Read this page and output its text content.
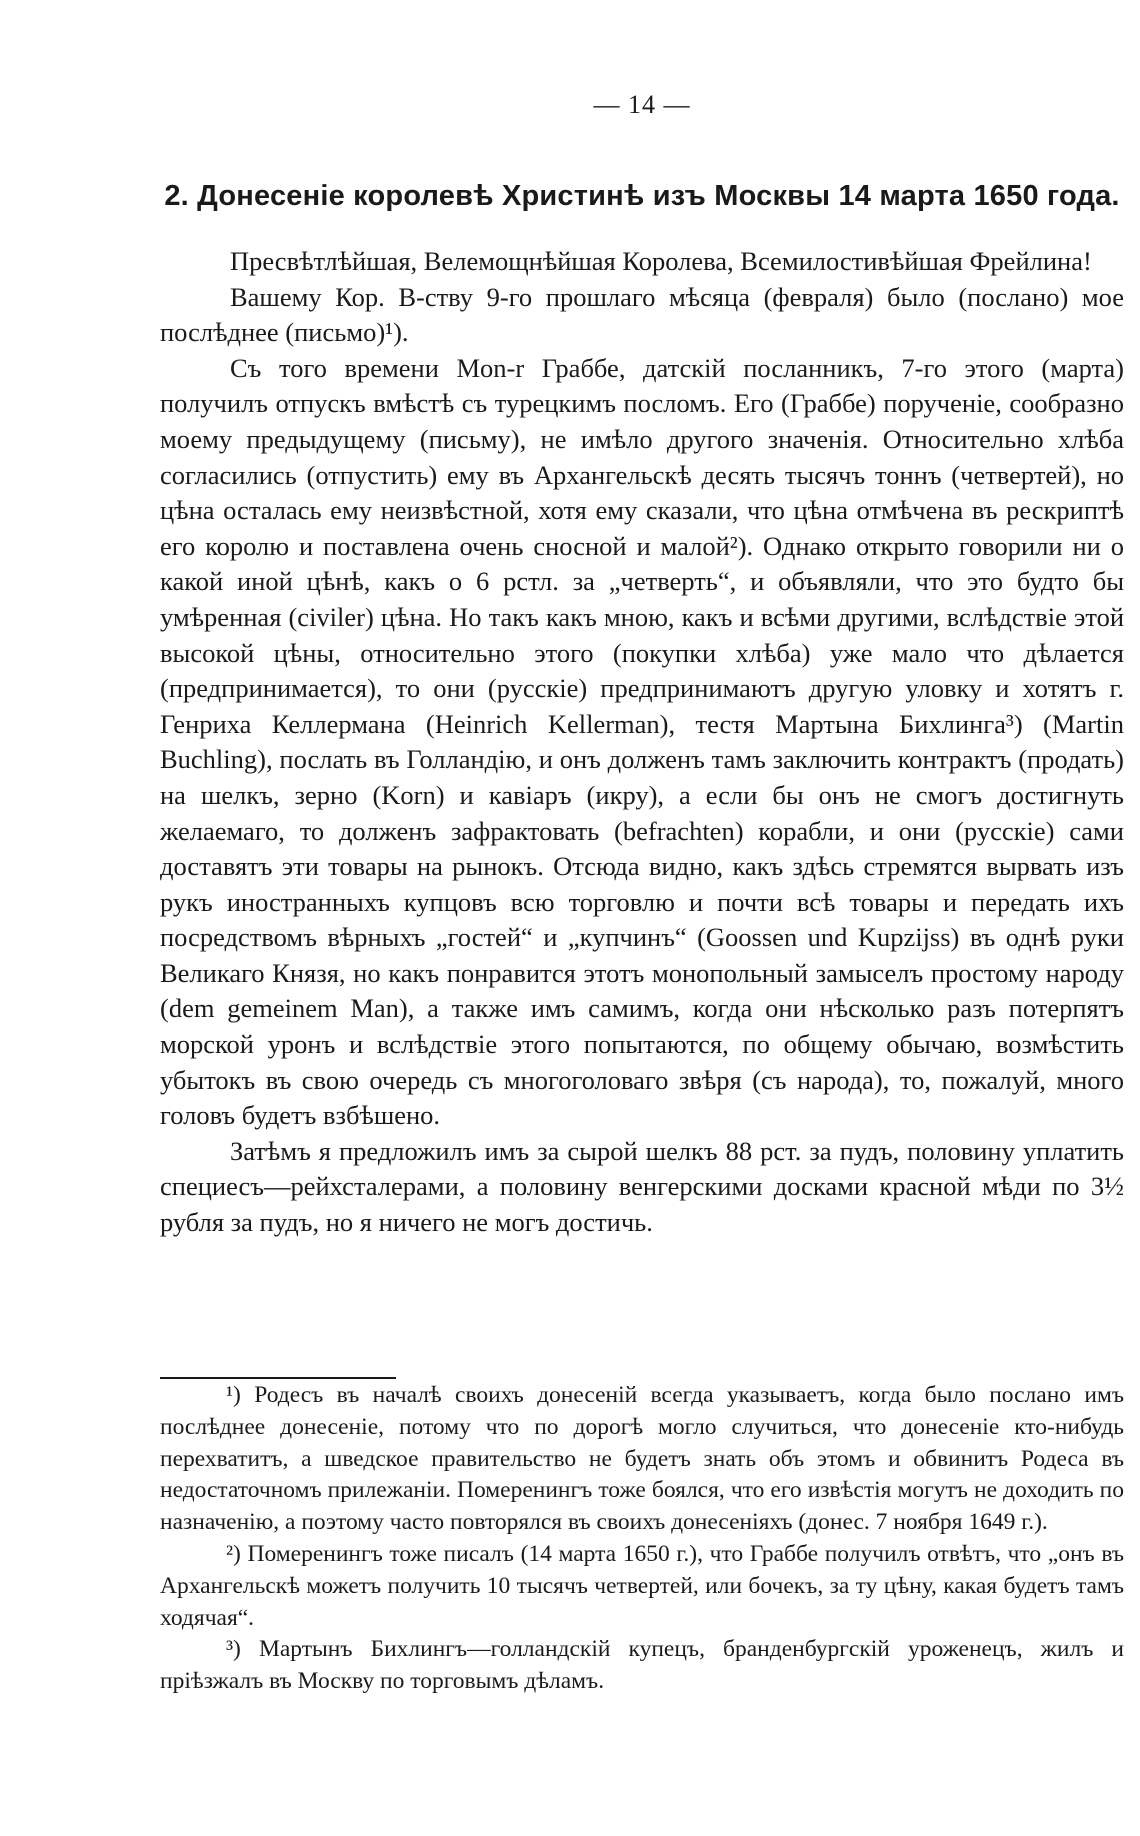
— 14 —
2. Донесеніе королевѣ Христинѣ изъ Москвы 14 марта 1650 года.

Пресвѣтлѣйшая, Велемощнѣйшая Королева, Всемилостивѣйшая Фрейлина!

Вашему Кор. В-ству 9-го прошлаго мѣсяца (февраля) было (послано) мое послѣднее (письмо)¹).

Съ того времени Mon-r Граббе, датскій посланникъ, 7-го этого (марта) получилъ отпускъ вмѣстѣ съ турецкимъ посломъ. Его (Граббе) порученіе, сообразно моему предыдущему (письму), не имѣло другого значенія. Относительно хлѣба согласились (отпустить) ему въ Архангельскѣ десять тысячъ тоннъ (четвертей), но цѣна осталась ему неизвѣстной, хотя ему сказали, что цѣна отмѣчена въ рескриптѣ его королю и поставлена очень сносной и малой²). Однако открыто говорили ни о какой иной цѣнѣ, какъ о 6 рстл. за „четверть“, и объявляли, что это будто бы умѣренная (civiler) цѣна. Но такъ какъ мною, какъ и всѣми другими, вслѣдствіе этой высокой цѣны, относительно этого (покупки хлѣба) уже мало что дѣлается (предпринимается), то они (русскіе) предпринимаютъ другую уловку и хотятъ г. Генриха Келлермана (Heinrich Kellerman), тестя Мартына Бихлинга³) (Martin Buchling), послать въ Голландію, и онъ долженъ тамъ заключить контрактъ (продать) на шелкъ, зерно (Korn) и кавіаръ (икру), а если бы онъ не смогъ достигнуть желаемаго, то долженъ зафрактовать (befrachten) корабли, и они (русскіе) сами доставятъ эти товары на рынокъ. Отсюда видно, какъ здѣсь стремятся вырвать изъ рукъ иностранныхъ купцовъ всю торговлю и почти всѣ товары и передать ихъ посредствомъ вѣрныхъ „гостей“ и „купчинъ“ (Goossen und Kupzijss) въ однѣ руки Великаго Князя, но какъ понравится этотъ монопольный замыселъ простому народу (dem gemeinem Man), а также имъ самимъ, когда они нѣсколько разъ потерпятъ морской уронъ и вслѣдствіе этого попытаются, по общему обычаю, возмѣстить убытокъ въ свою очередь съ многоголоваго звѣря (съ народа), то, пожалуй, много головъ будетъ взбѣшено.

Затѣмъ я предложилъ имъ за сырой шелкъ 88 рст. за пудъ, половину уплатить специесъ—рейхсталерами, а половину венгерскими досками красной мѣди по 3½ рубля за пудъ, но я ничего не могъ достичь.

¹) Родесъ въ началѣ своихъ донесеній всегда указываетъ, когда было послано имъ послѣднее донесеніе, потому что по дорогѣ могло случиться, что донесеніе кто-нибудь перехватитъ, а шведское правительство не будетъ знать объ этомъ и обвинитъ Родеса въ недостаточномъ прилежаніи. Померенингъ тоже боялся, что его извѣстія могутъ не доходить по назначенію, а поэтому часто повторялся въ своихъ донесеніяхъ (донес. 7 ноября 1649 г.).

²) Померенингъ тоже писалъ (14 марта 1650 г.), что Граббе получилъ отвѣтъ, что „онъ въ Архангельскѣ можетъ получить 10 тысячъ четвертей, или бочекъ, за ту цѣну, какая будетъ тамъ ходячая“.

³) Мартынъ Бихлингъ—голландскій купецъ, бранденбургскій уроженецъ, жилъ и пріѣзжалъ въ Москву по торговымъ дѣламъ.
